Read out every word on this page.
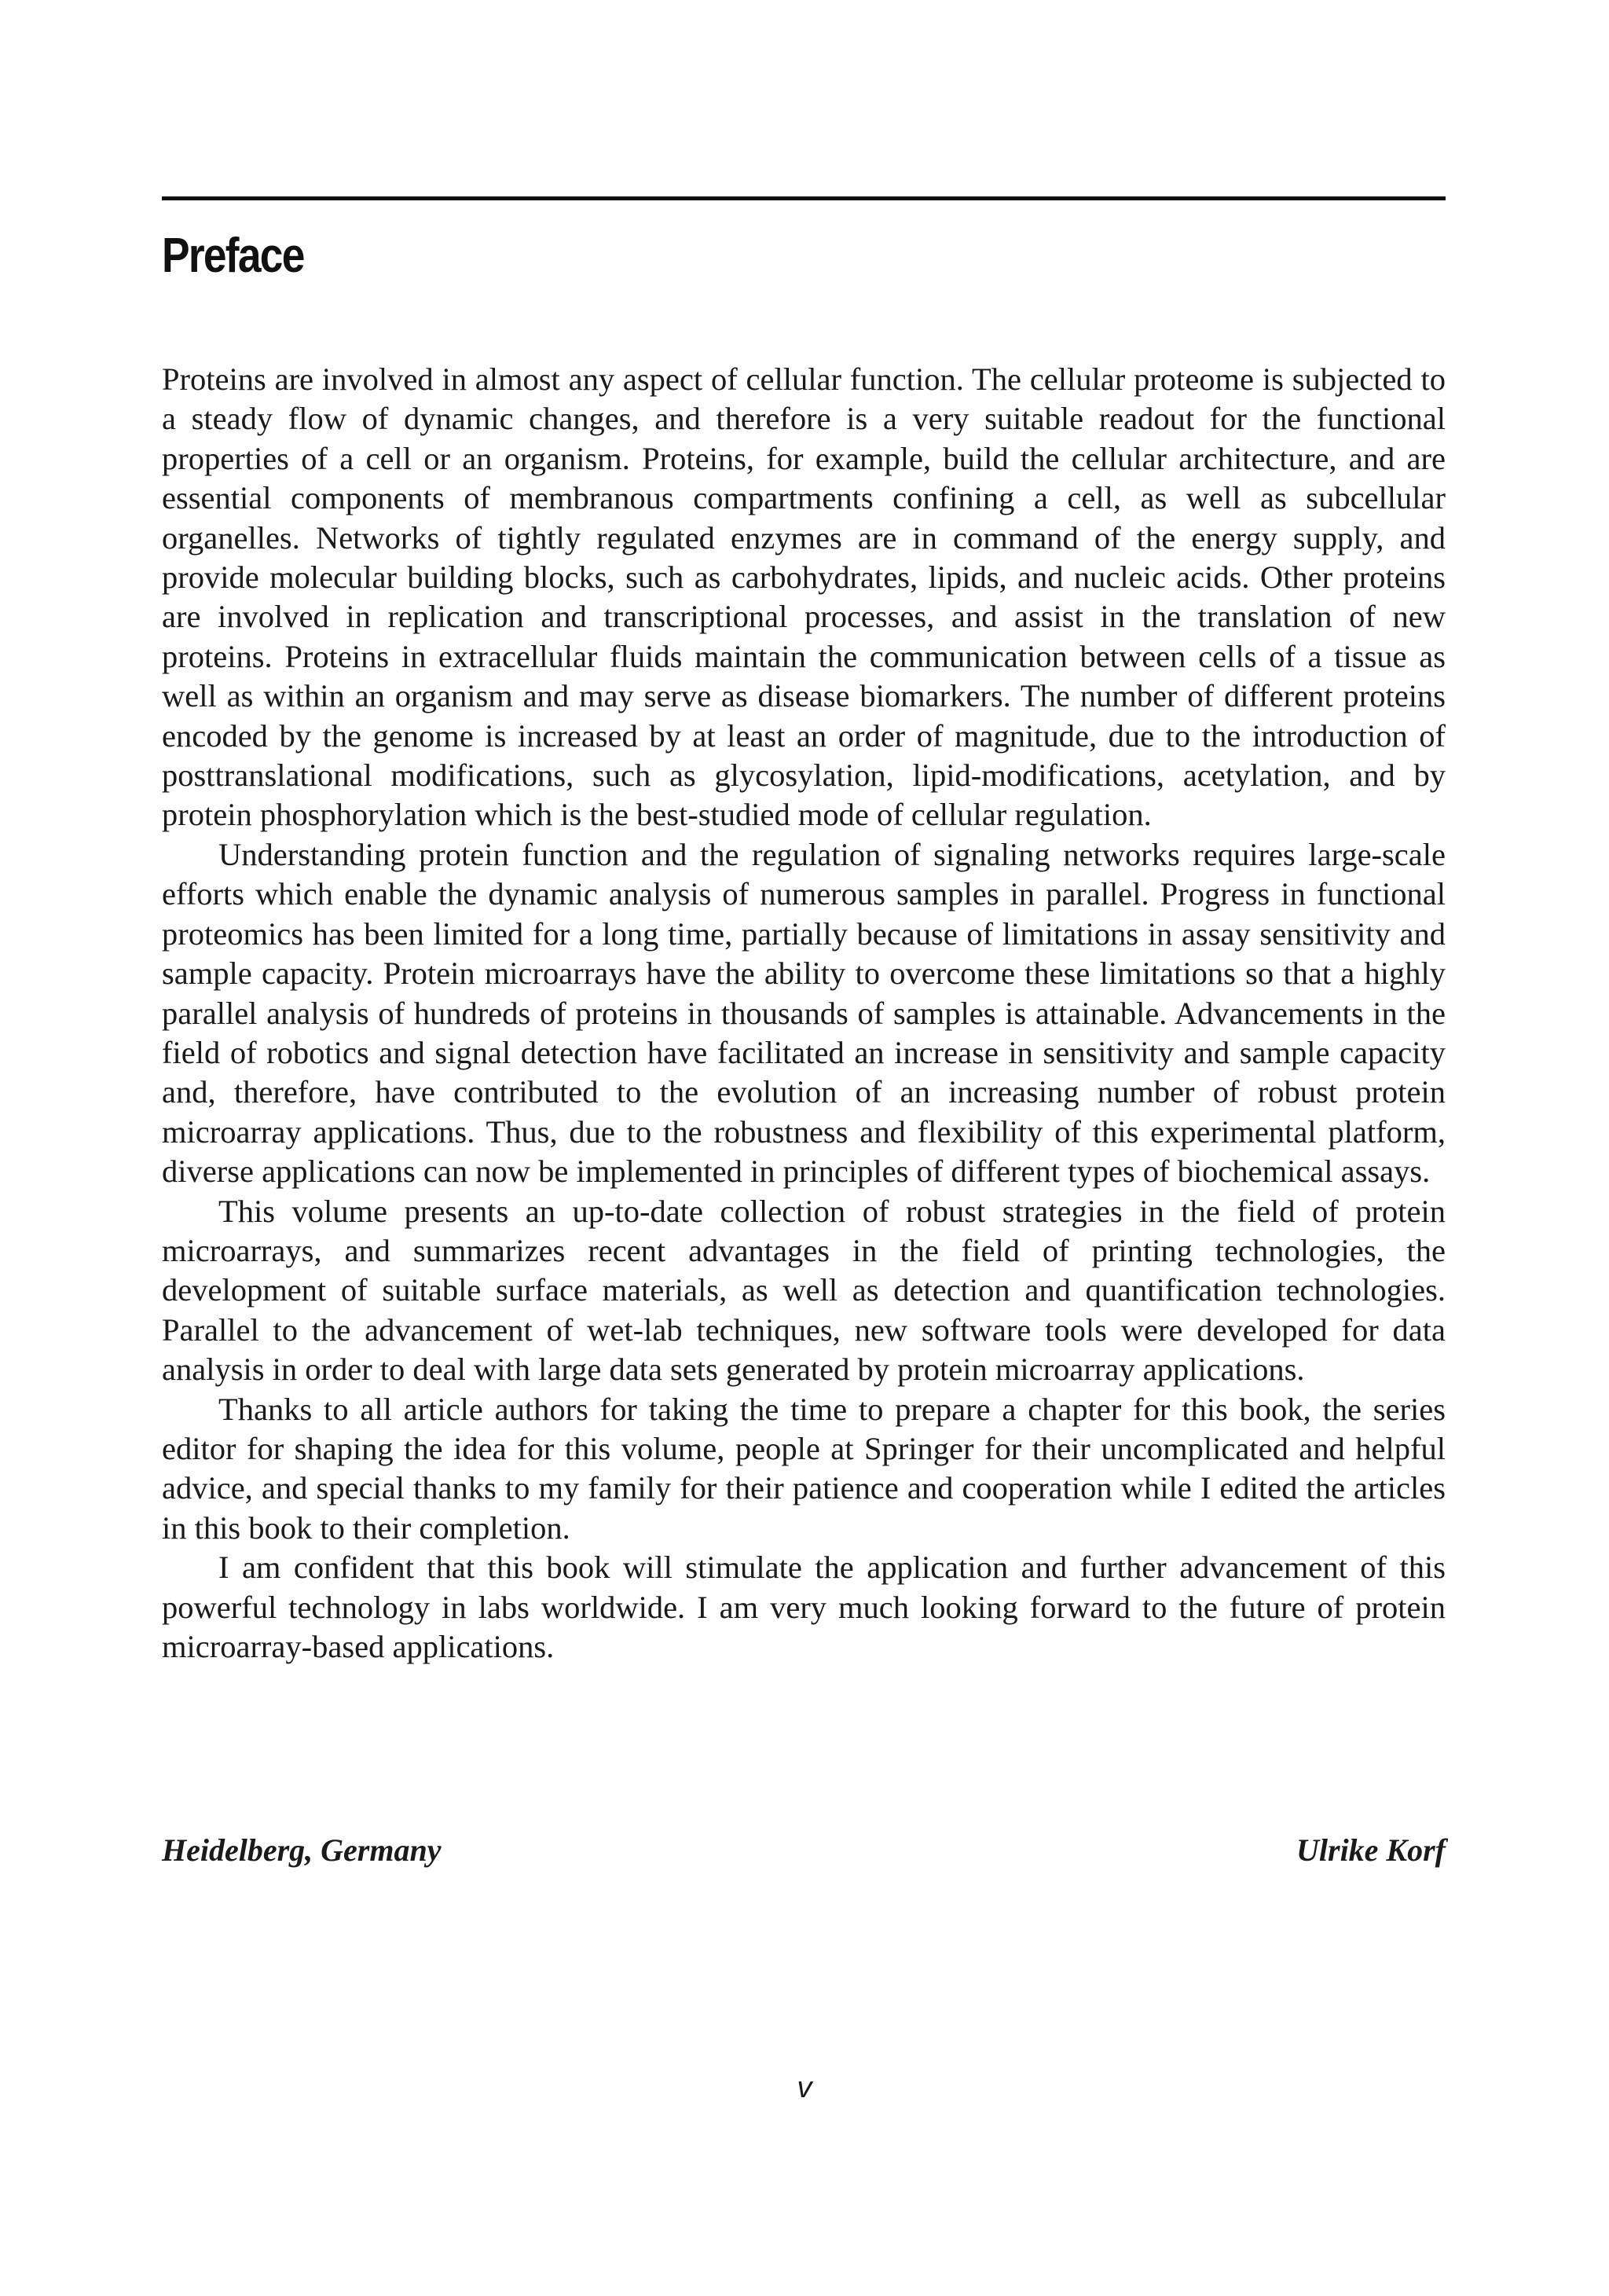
Preface

Proteins are involved in almost any aspect of cellular function. The cellular proteome is subjected to a steady flow of dynamic changes, and therefore is a very suitable readout for the functional properties of a cell or an organism. Proteins, for example, build the cellular architecture, and are essential components of membranous compartments confining a cell, as well as subcellular organelles. Networks of tightly regulated enzymes are in command of the energy supply, and provide molecular building blocks, such as carbohydrates, lipids, and nucleic acids. Other proteins are involved in replication and transcriptional processes, and assist in the translation of new proteins. Proteins in extracellular fluids maintain the communication between cells of a tissue as well as within an organism and may serve as disease biomarkers. The number of different proteins encoded by the genome is increased by at least an order of magnitude, due to the introduction of posttranslational modifications, such as glycosylation, lipid-modifications, acetylation, and by protein phosphorylation which is the best-studied mode of cellular regulation.

Understanding protein function and the regulation of signaling networks requires large-scale efforts which enable the dynamic analysis of numerous samples in parallel. Progress in functional proteomics has been limited for a long time, partially because of limitations in assay sensitivity and sample capacity. Protein microarrays have the ability to overcome these limitations so that a highly parallel analysis of hundreds of proteins in thousands of samples is attainable. Advancements in the field of robotics and signal detection have facilitated an increase in sensitivity and sample capacity and, therefore, have contributed to the evolution of an increasing number of robust protein microarray applications. Thus, due to the robustness and flexibility of this experimental platform, diverse applications can now be implemented in principles of different types of biochemical assays.

This volume presents an up-to-date collection of robust strategies in the field of protein microarrays, and summarizes recent advantages in the field of printing technologies, the development of suitable surface materials, as well as detection and quantification technologies. Parallel to the advancement of wet-lab techniques, new software tools were developed for data analysis in order to deal with large data sets generated by protein microarray applications.

Thanks to all article authors for taking the time to prepare a chapter for this book, the series editor for shaping the idea for this volume, people at Springer for their uncomplicated and helpful advice, and special thanks to my family for their patience and cooperation while I edited the articles in this book to their completion.

I am confident that this book will stimulate the application and further advancement of this powerful technology in labs worldwide. I am very much looking forward to the future of protein microarray-based applications.

Heidelberg, Germany	Ulrike Korf
v
